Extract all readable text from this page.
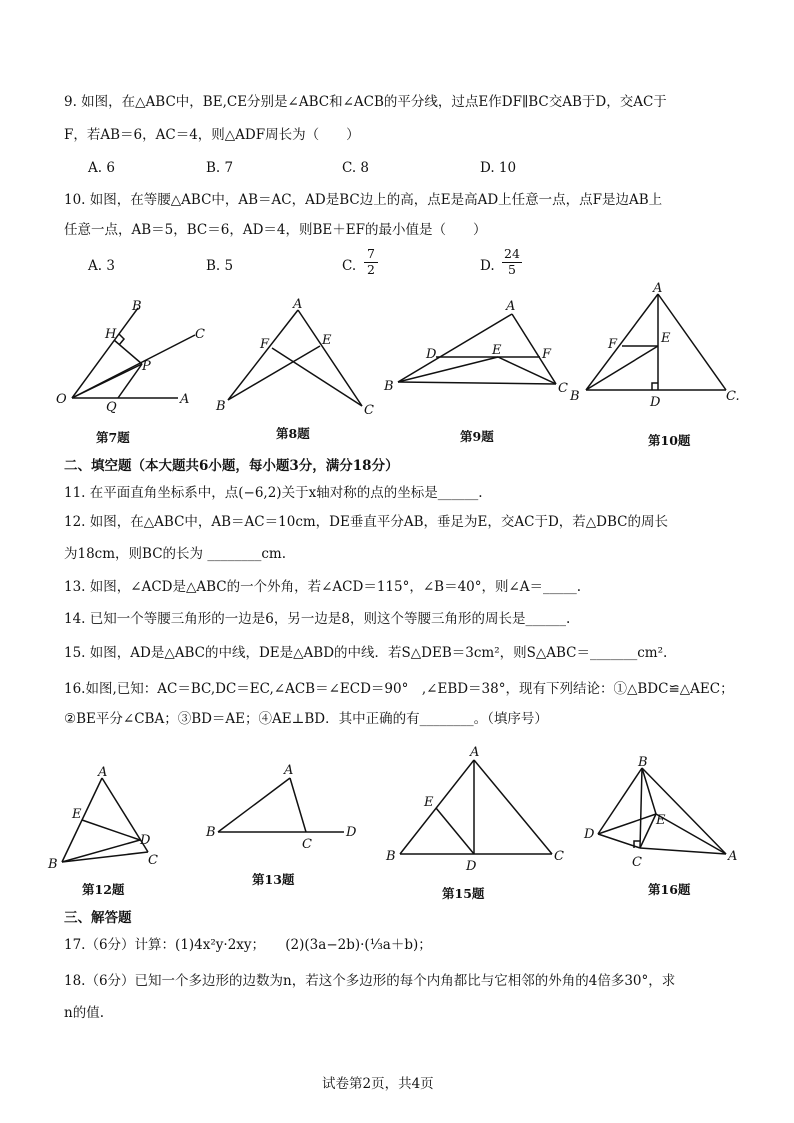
9. 如图，在△ABC中，BE,CE分别是∠ABC和∠ACB的平分线，过点E作DF∥BC交AB于D，交AC于
F，若AB＝6，AC＝4，则△ADF周长为（　　）
A. 6	B. 7	C. 8	D. 10
10. 如图，在等腰△ABC中，AB＝AC，AD是BC边上的高，点E是高AD上任意一点，点F是边AB上
任意一点，AB＝5，BC＝6，AD＝4，则BE＋EF的最小值是（　　）
A. 3	B. 5	C.
7
2	D.
24
5
B
H	C
P
O
Q
A
第7题
A
F	E
B	C
第8题
A
D	E	F
B	C
第9题
A
F	E
B	D	C.
第10题
二、填空题（本大题共6小题，每小题3分，满分18分）
11. 在平面直角坐标系中，点(−6,2)关于x轴对称的点的坐标是______.
12. 如图，在△ABC中，AB＝AC＝10cm，DE垂直平分AB，垂足为E，交AC于D，若△DBC的周长
为18cm，则BC的长为 ________cm.
13. 如图，∠ACD是△ABC的一个外角，若∠ACD＝115°，∠B＝40°，则∠A＝_____.
14. 已知一个等腰三角形的一边是6，另一边是8，则这个等腰三角形的周长是______.
15. 如图，AD是△ABC的中线，DE是△ABD的中线．若S△DEB＝3cm²，则S△ABC＝_______cm².
16.如图,已知：AC＝BC,DC＝EC,∠ACB＝∠ECD＝90°　,∠EBD＝38°，现有下列结论：①△BDC≌△AEC；
②BE平分∠CBA；③BD＝AE；④AE⊥BD．其中正确的有________。（填序号）
A
E
D
B	C
第12题
A
B
C
D
第13题
A
E
B
D
C
第15题
B
E
D
C	A
第16题
三、解答题
17.（6分）计算：(1)4x²y·2xy；　　(2)(3a−2b)·(⅓a＋b)；
18.（6分）已知一个多边形的边数为n，若这个多边形的每个内角都比与它相邻的外角的4倍多30°，求
n的值.
试卷第2页，共4页
